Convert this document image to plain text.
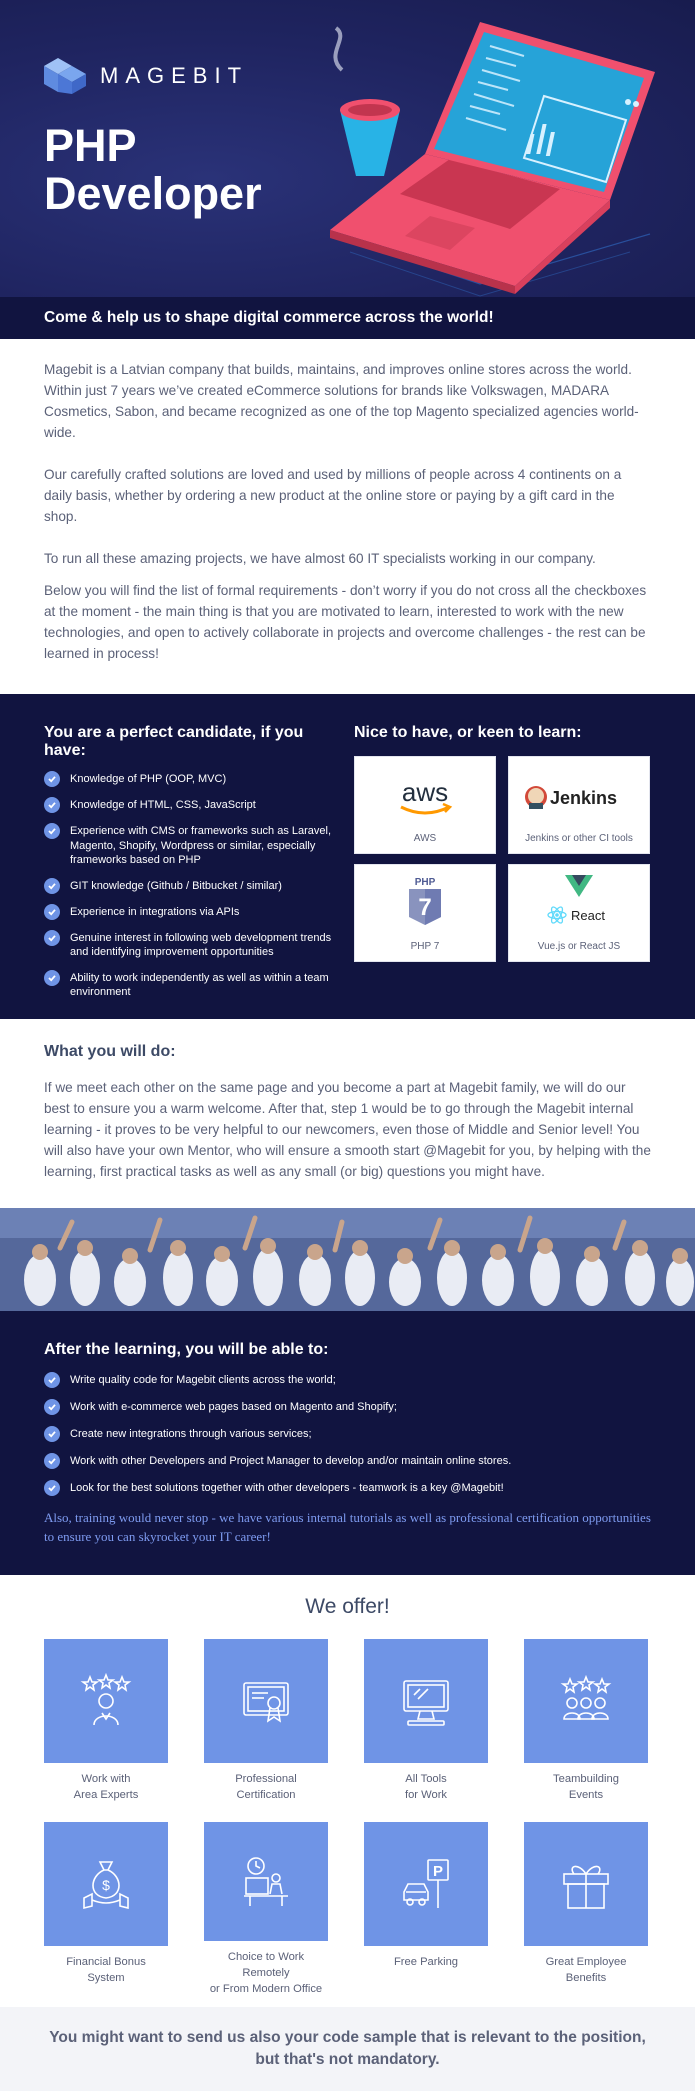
MAGEBIT
PHP
Developer
Come & help us to shape digital commerce across the world!

Magebit is a Latvian company that builds, maintains, and improves online stores across the world. Within just 7 years we’ve created eCommerce solutions for brands like Volkswagen, MADARA Cosmetics, Sabon, and became recognized as one of the top Magento specialized agencies world-wide.

Our carefully crafted solutions are loved and used by millions of people across 4 continents on a daily basis, whether by ordering a new product at the online store or paying by a gift card in the shop.

To run all these amazing projects, we have almost 60 IT specialists working in our company.

Below you will find the list of formal requirements - don’t worry if you do not cross all the checkboxes at the moment - the main thing is that you are motivated to learn, interested to work with the new technologies, and open to actively collaborate in projects and overcome challenges - the rest can be learned in process!

You are a perfect candidate, if you have:
Knowledge of PHP (OOP, MVC)
Knowledge of HTML, CSS, JavaScript
Experience with CMS or frameworks such as Laravel, Magento, Shopify, Wordpress or similar, especially frameworks based on PHP
GIT knowledge (Github / Bitbucket / similar)
Experience in integrations via APIs
Genuine interest in following web development trends and identifying improvement opportunities
Ability to work independently as well as within a team environment
Nice to have, or keen to learn:
aws
AWS
Jenkins
Jenkins or other CI tools
PHP
7
PHP 7
React
Vue.js or React JS
What you will do:

If we meet each other on the same page and you become a part at Magebit family, we will do our best to ensure you a warm welcome. After that, step 1 would be to go through the Magebit internal learning - it proves to be very helpful to our newcomers, even those of Middle and Senior level! You will also have your own Mentor, who will ensure a smooth start @Magebit for you, by helping with the learning, first practical tasks as well as any small (or big) questions you might have.

After the learning, you will be able to:
Write quality code for Magebit clients across the world;
Work with e-commerce web pages based on Magento and Shopify;
Create new integrations through various services;
Work with other Developers and Project Manager to develop and/or maintain online stores.
Look for the best solutions together with other developers - teamwork is a key @Magebit!

Also, training would never stop - we have various internal tutorials as well as professional certification opportunities to ensure you can skyrocket your IT career!

We offer!
Work with
Area Experts
Professional
Certification
All Tools
for Work
Teambuilding
Events
$
Financial Bonus
System
Choice to Work Remotely
or From Modern Office
P
Free Parking	Great Employee
Benefits

You might want to send us also your code sample that is relevant to the position,
but that's not mandatory.
